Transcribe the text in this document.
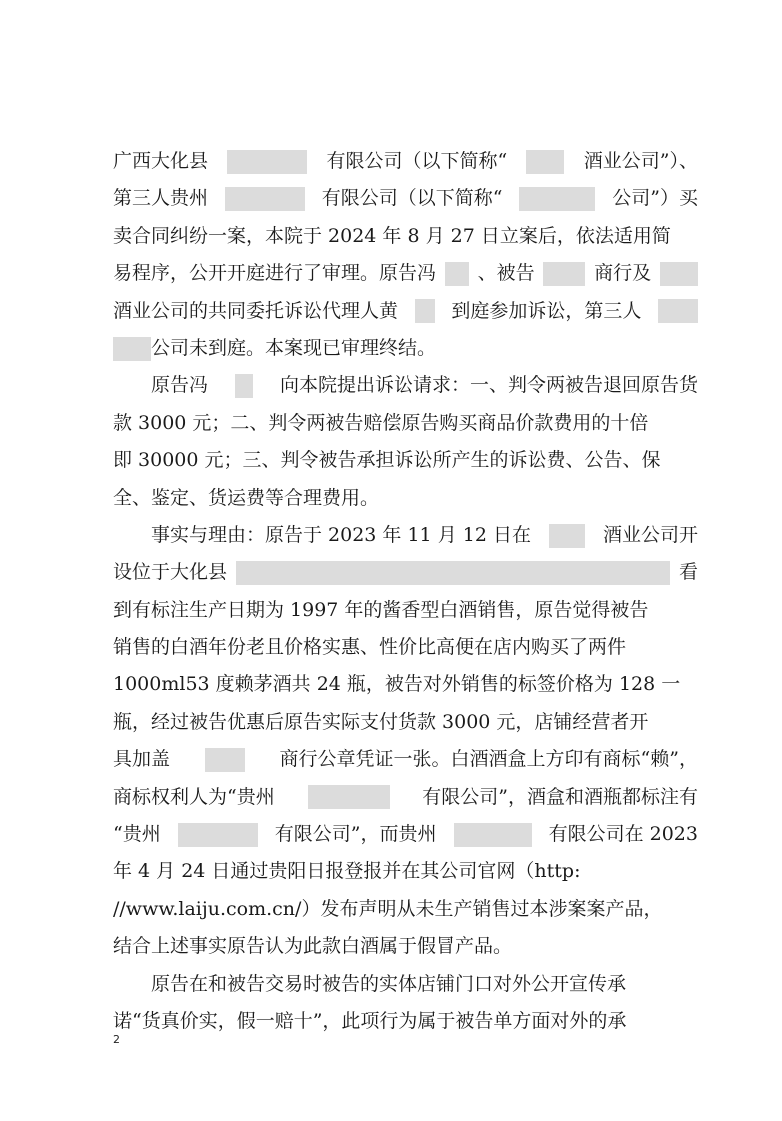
广西大化县	有限公司（以下简称“	酒业公司”）、
第三人贵州	有限公司（以下简称“	公司”）买
卖合同纠纷一案，本院于 2024 年 8 月 27 日立案后，依法适用简
易程序，公开开庭进行了审理。原告冯 、被告	商行及
酒业公司的共同委托诉讼代理人黄	到庭参加诉讼，第三人
公司未到庭。本案现已审理终结。
原告冯	向本院提出诉讼请求：一、判令两被告退回原告货
款 3000 元；二、判令两被告赔偿原告购买商品价款费用的十倍
即 30000 元；三、判令被告承担诉讼所产生的诉讼费、公告、保
全、鉴定、货运费等合理费用。
事实与理由：原告于 2023 年 11 月 12 日在	酒业公司开
设位于大化县	看
到有标注生产日期为 1997 年的酱香型白酒销售，原告觉得被告
销售的白酒年份老且价格实惠、性价比高便在店内购买了两件
1000ml53 度赖茅酒共 24 瓶，被告对外销售的标签价格为 128 一
瓶，经过被告优惠后原告实际支付货款 3000 元，店铺经营者开
具加盖	商行公章凭证一张。白酒酒盒上方印有商标“赖”，
商标权利人为“贵州	有限公司”，酒盒和酒瓶都标注有
“贵州	有限公司”，而贵州	有限公司在 2023
年 4 月 24 日通过贵阳日报登报并在其公司官网（http:
//www.laiju.com.cn/）发布声明从未生产销售过本涉案案产品，
结合上述事实原告认为此款白酒属于假冒产品。
原告在和被告交易时被告的实体店铺门口对外公开宣传承
诺“货真价实，假一赔十”，此项行为属于被告单方面对外的承
2
